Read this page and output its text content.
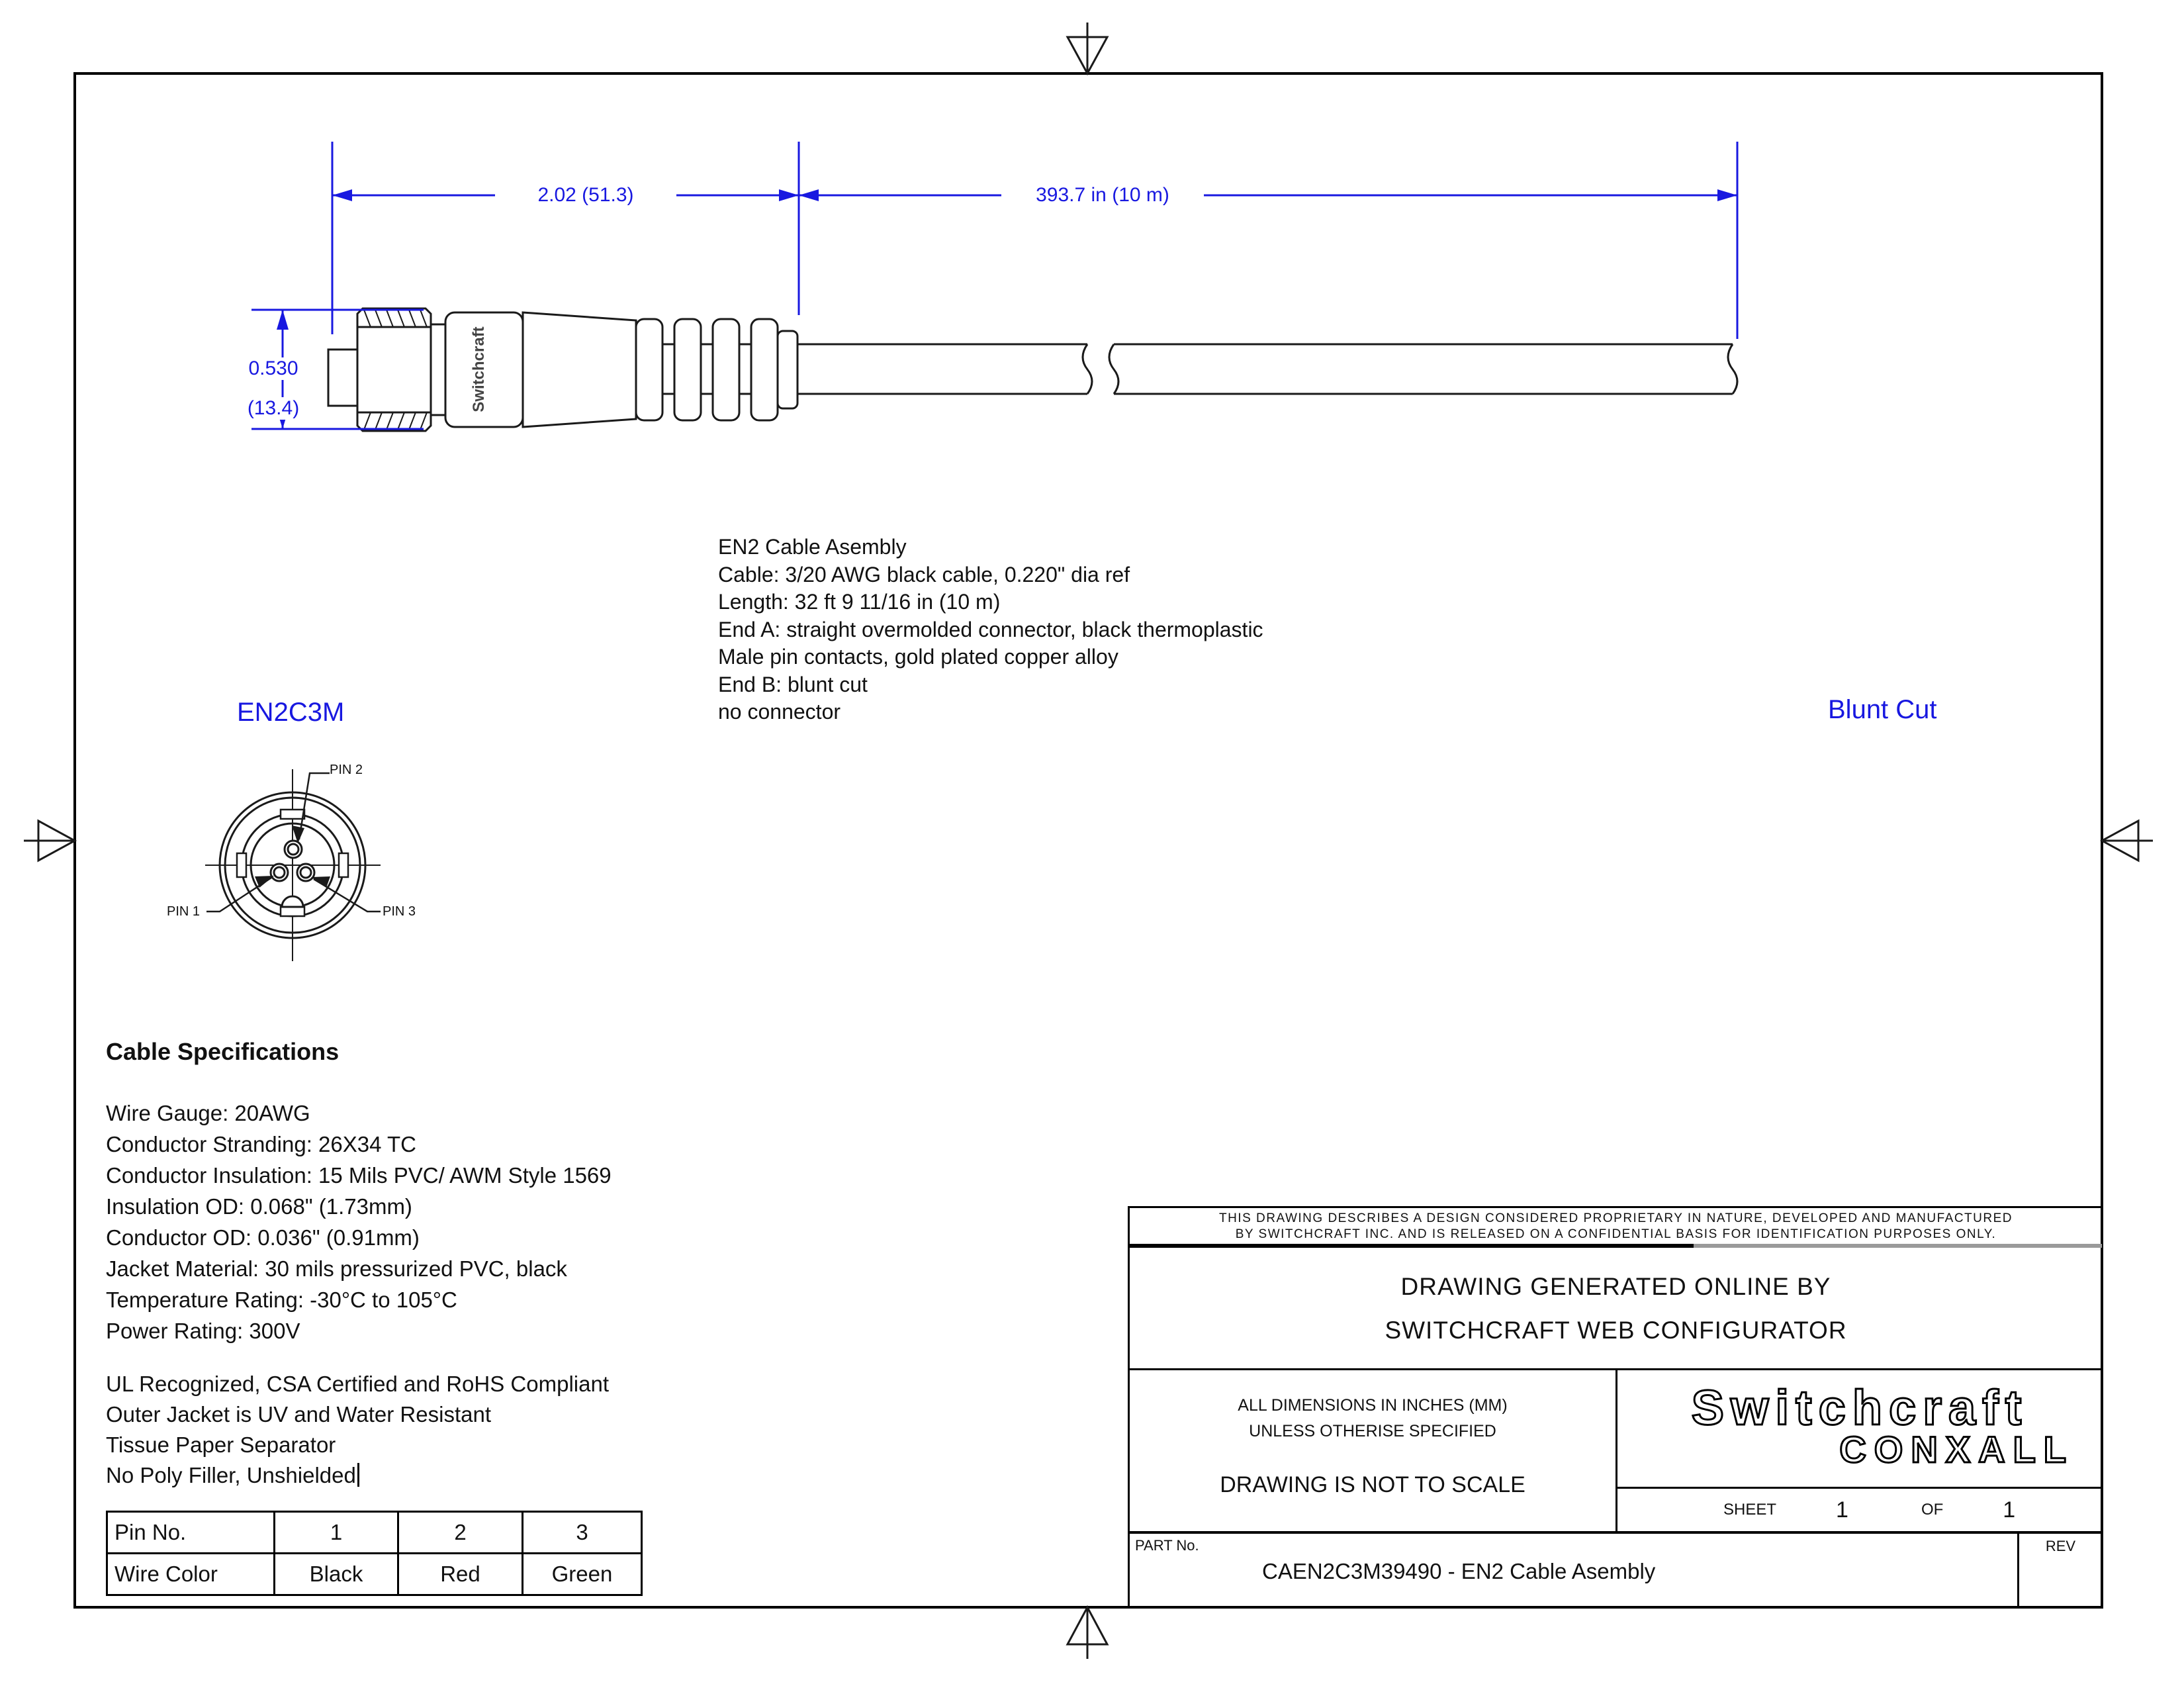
Switchcraft
2.02 (51.3)	393.7 in (10 m)
0.530
(13.4)
EN2C3M	Blunt Cut
PIN 2
PIN 1	PIN 3
EN2 Cable Asembly
Cable: 3/20 AWG black cable, 0.220" dia ref
Length: 32 ft 9 11/16 in (10 m)
End A: straight overmolded connector, black thermoplastic
Male pin contacts, gold plated copper alloy
End B: blunt cut
no connector
Cable Specifications
Wire Gauge: 20AWG
Conductor Stranding: 26X34 TC
Conductor Insulation: 15 Mils PVC/ AWM Style 1569
Insulation OD: 0.068" (1.73mm)
Conductor OD: 0.036" (0.91mm)
Jacket Material: 30 mils pressurized PVC, black
Temperature Rating: -30°C to 105°C
Power Rating: 300V
UL Recognized, CSA Certified and RoHS Compliant
Outer Jacket is UV and Water Resistant
Tissue Paper Separator
No Poly Filler, Unshielded
Pin No.	1	2	3
Wire Color	Black	Red	Green
THIS DRAWING DESCRIBES A DESIGN CONSIDERED PROPRIETARY IN NATURE, DEVELOPED AND MANUFACTURED
BY SWITCHCRAFT INC. AND IS RELEASED ON A CONFIDENTIAL BASIS FOR IDENTIFICATION PURPOSES ONLY.
DRAWING GENERATED ONLINE BY
SWITCHCRAFT WEB CONFIGURATOR
ALL DIMENSIONS IN INCHES (MM)
UNLESS OTHERISE SPECIFIED
DRAWING IS NOT TO SCALE
Switchcraft
CONXALL
SHEET	1	OF	1
PART No.
CAEN2C3M39490 - EN2 Cable Asembly
REV
